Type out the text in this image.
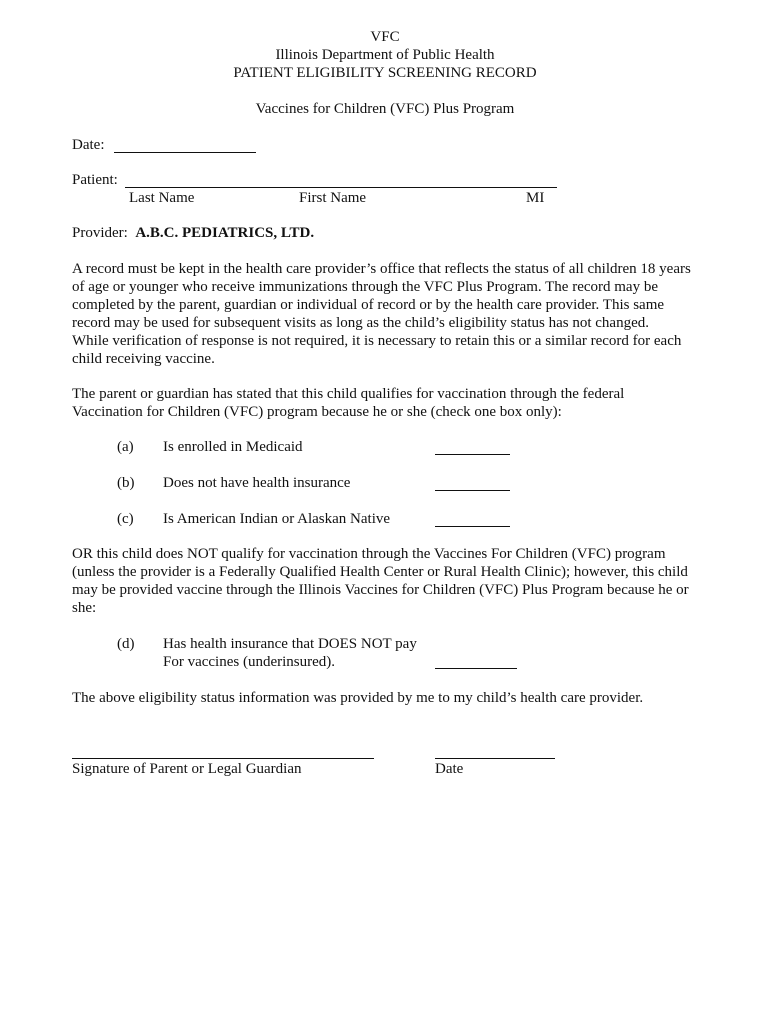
VFC
Illinois Department of Public Health
PATIENT ELIGIBILITY SCREENING RECORD
Vaccines for Children (VFC) Plus Program
Date:
Patient:
Last Name	First Name	MI
Provider: A.B.C. PEDIATRICS, LTD.
A record must be kept in the health care provider’s office that reflects the status of all children 18 years
of age or younger who receive immunizations through the VFC Plus Program. The record may be
completed by the parent, guardian or individual of record or by the health care provider. This same
record may be used for subsequent visits as long as the child’s eligibility status has not changed.
While verification of response is not required, it is necessary to retain this or a similar record for each
child receiving vaccine.
The parent or guardian has stated that this child qualifies for vaccination through the federal
Vaccination for Children (VFC) program because he or she (check one box only):
(a) Is enrolled in Medicaid
(b) Does not have health insurance
(c) Is American Indian or Alaskan Native
OR this child does NOT qualify for vaccination through the Vaccines For Children (VFC) program
(unless the provider is a Federally Qualified Health Center or Rural Health Clinic); however, this child
may be provided vaccine through the Illinois Vaccines for Children (VFC) Plus Program because he or
she:
(d) Has health insurance that DOES NOT pay
For vaccines (underinsured).
The above eligibility status information was provided by me to my child’s health care provider.
Signature of Parent or Legal Guardian	Date
